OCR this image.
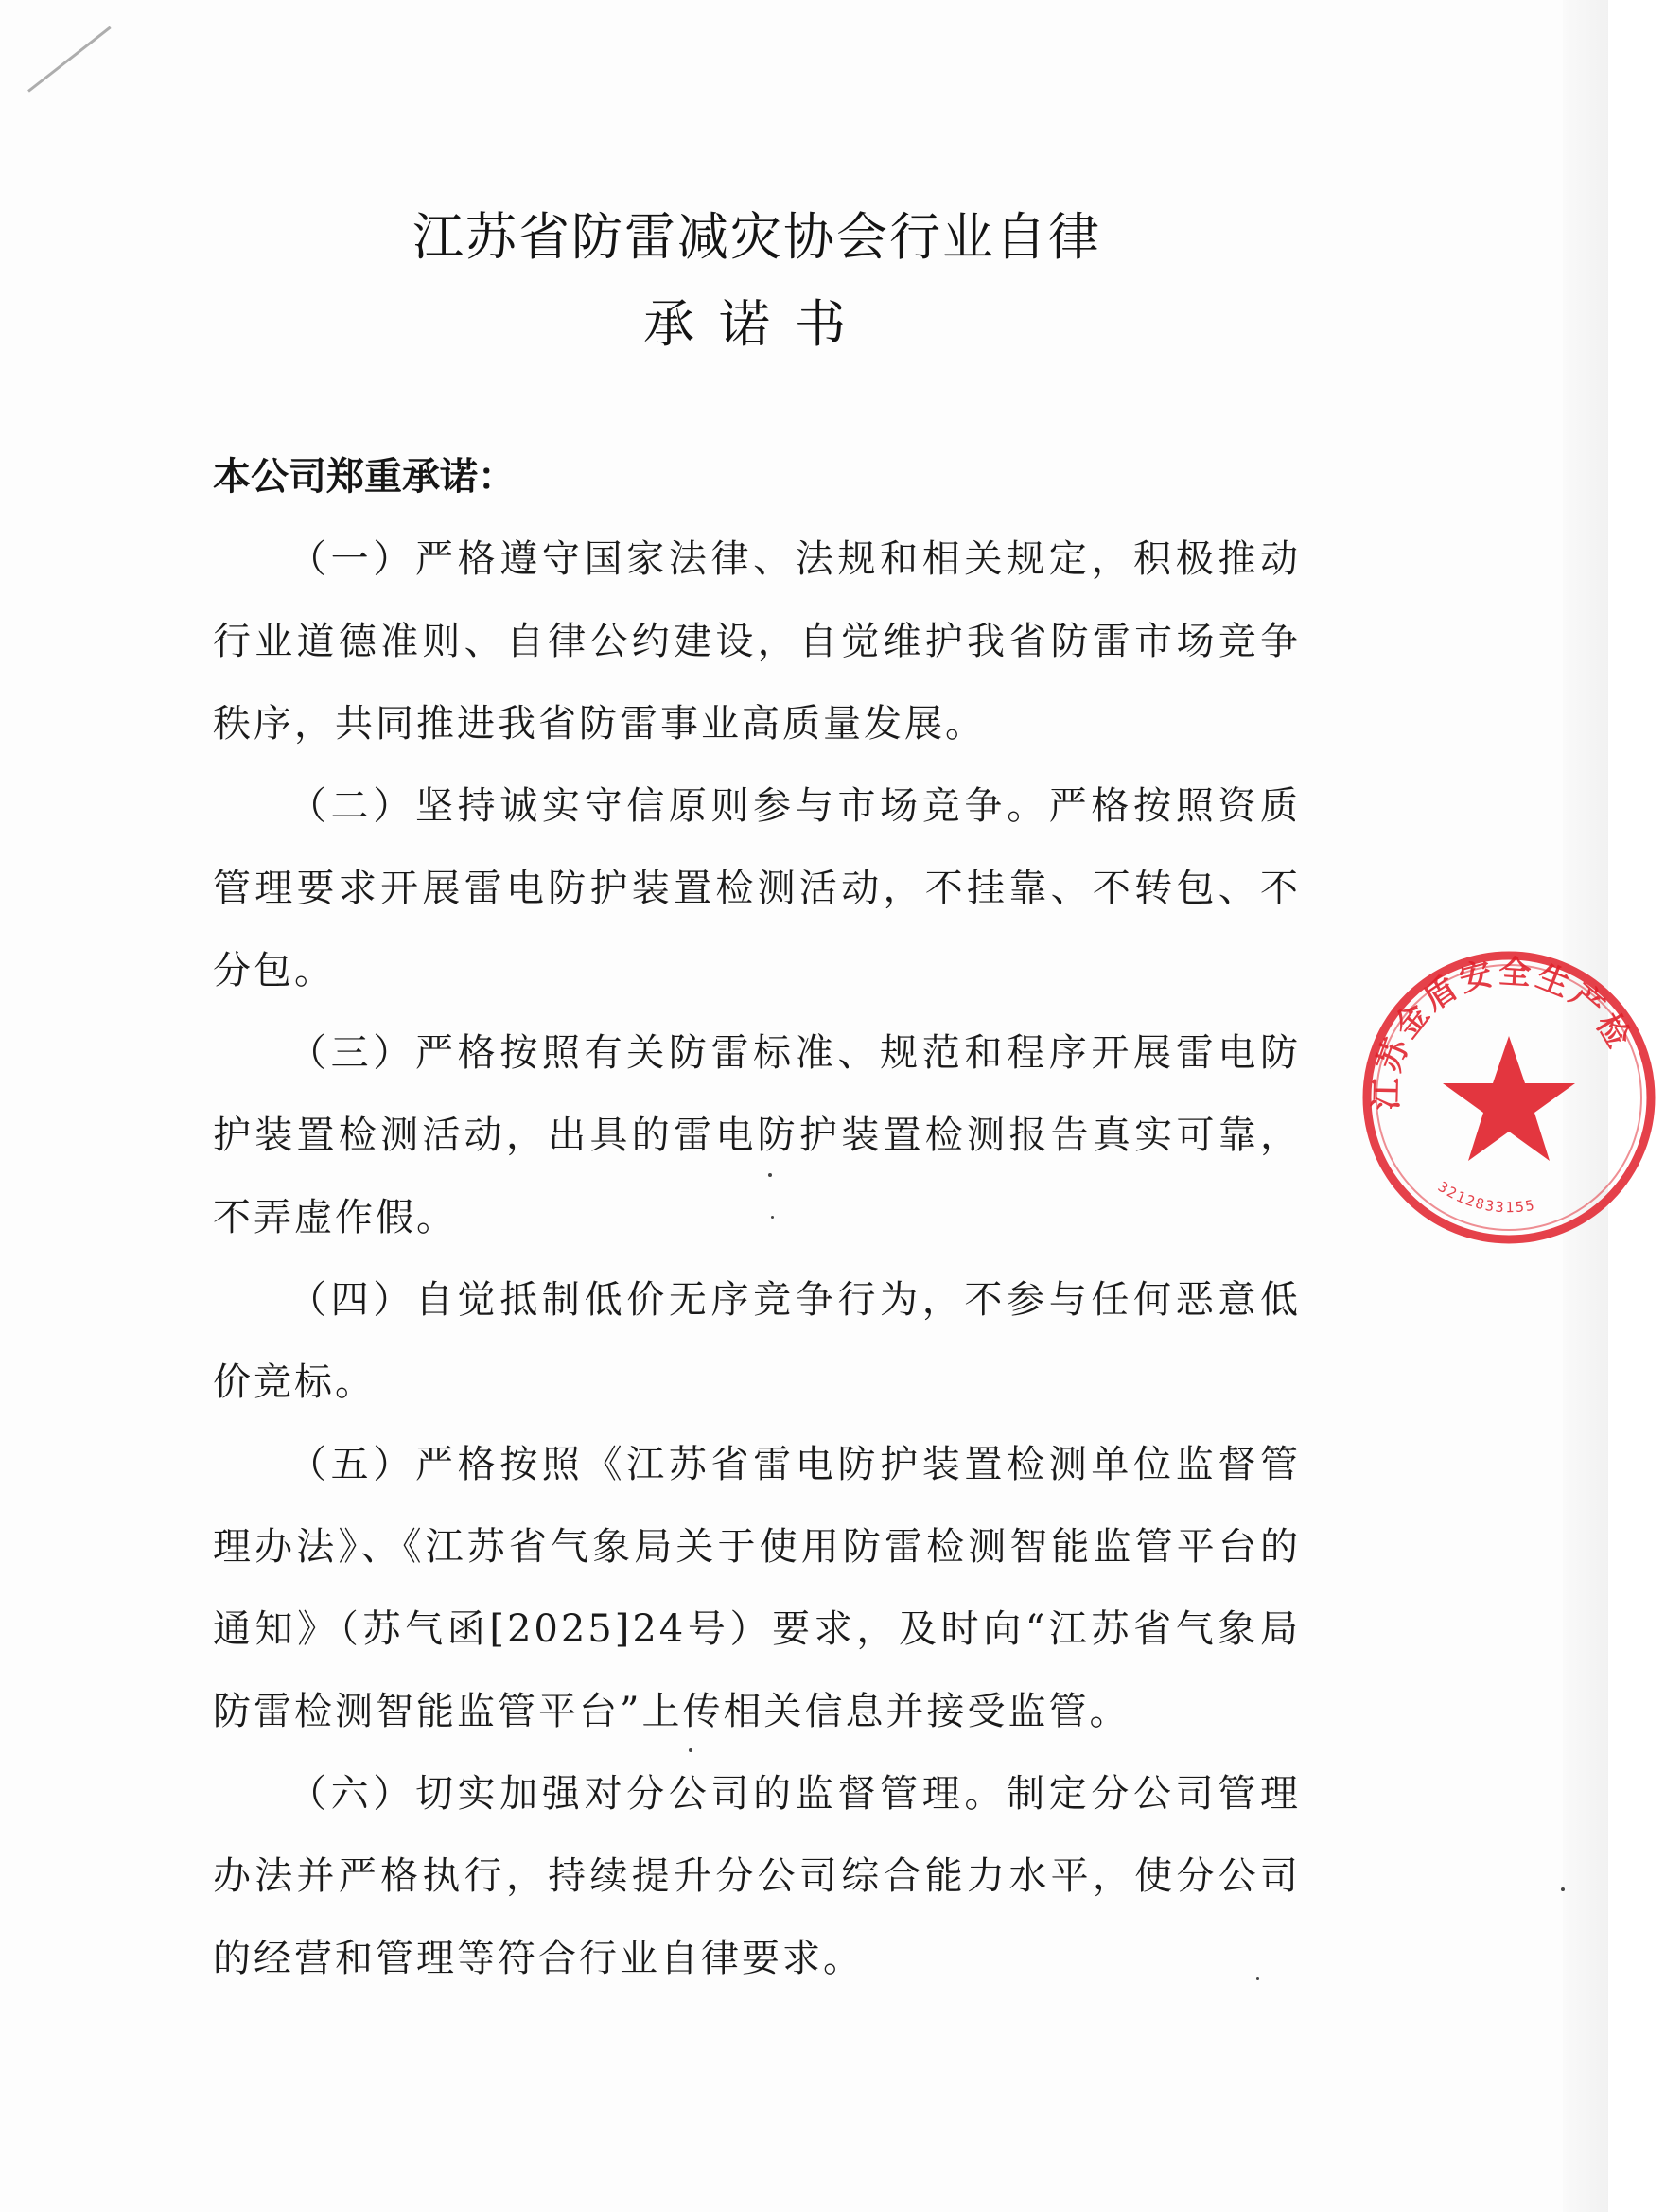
江苏省防雷减灾协会行业自律
承诺书
本公司郑重承诺：

（一）严格遵守国家法律、法规和相关规定，积极推动行业道德准则、自律公约建设，自觉维护我省防雷市场竞争秩序，共同推进我省防雷事业高质量发展。

（二）坚持诚实守信原则参与市场竞争。严格按照资质管理要求开展雷电防护装置检测活动，不挂靠、不转包、不分包。

（三）严格按照有关防雷标准、规范和程序开展雷电防护装置检测活动，出具的雷电防护装置检测报告真实可靠，不弄虚作假。

（四）自觉抵制低价无序竞争行为，不参与任何恶意低价竞标。

（五）严格按照《江苏省雷电防护装置检测单位监督管理办法》、《江苏省气象局关于使用防雷检测智能监管平台的通知》（苏气函[2025]24号）要求，及时向“江苏省气象局防雷检测智能监管平台”上传相关信息并接受监管。

（六）切实加强对分公司的监督管理。制定分公司管理办法并严格执行，持续提升分公司综合能力水平，使分公司的经营和管理等符合行业自律要求。

江苏金盾安全生产检
3212833155
